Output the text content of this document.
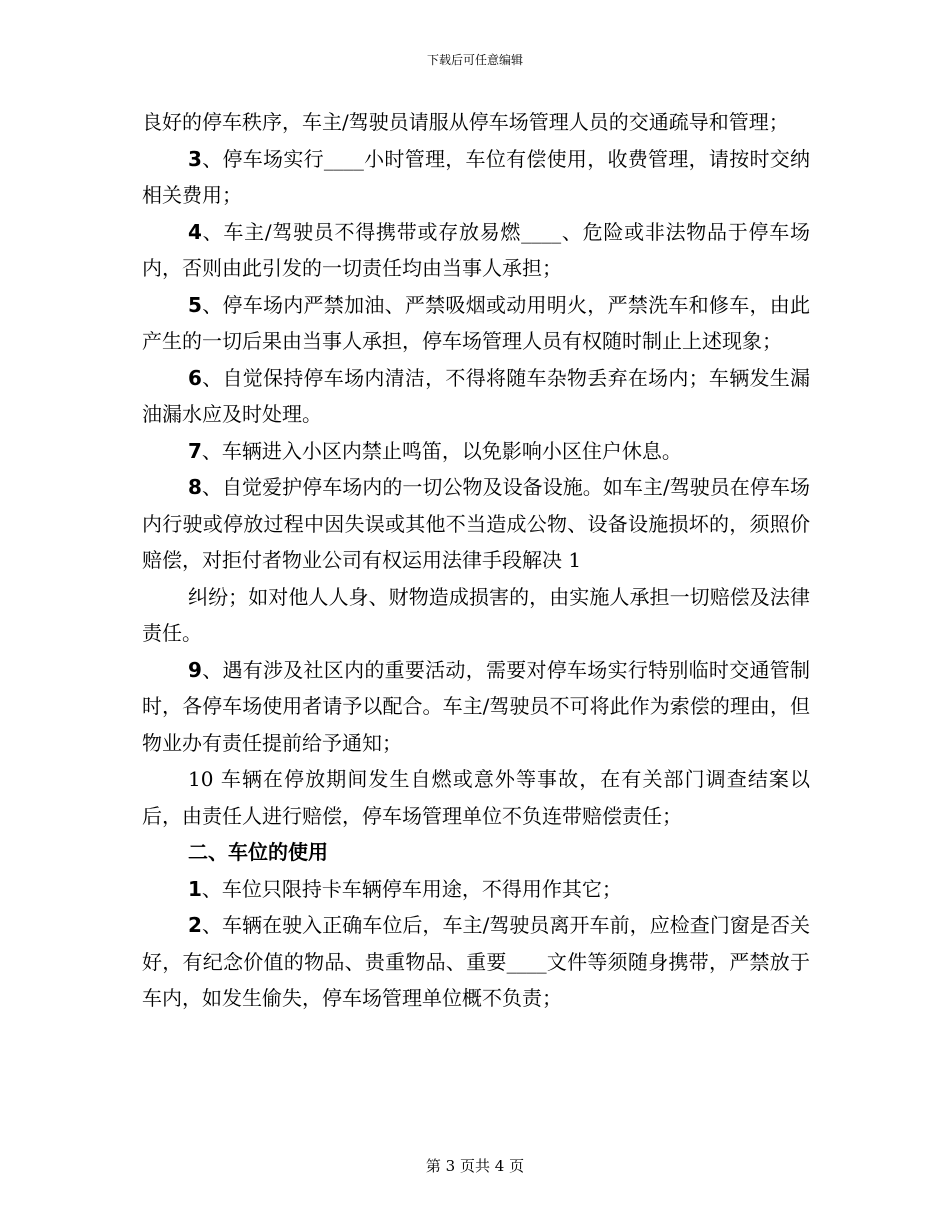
下载后可任意编辑

良好的停车秩序，车主/驾驶员请服从停车场管理人员的交通疏导和管理；

3、停车场实行____小时管理，车位有偿使用，收费管理，请按时交纳相关费用；

4、车主/驾驶员不得携带或存放易燃____、危险或非法物品于停车场内，否则由此引发的一切责任均由当事人承担；

5、停车场内严禁加油、严禁吸烟或动用明火，严禁洗车和修车，由此产生的一切后果由当事人承担，停车场管理人员有权随时制止上述现象；

6、自觉保持停车场内清洁，不得将随车杂物丢弃在场内；车辆发生漏油漏水应及时处理。

7、车辆进入小区内禁止鸣笛，以免影响小区住户休息。

8、自觉爱护停车场内的一切公物及设备设施。如车主/驾驶员在停车场内行驶或停放过程中因失误或其他不当造成公物、设备设施损坏的，须照价赔偿，对拒付者物业公司有权运用法律手段解决 1

纠纷；如对他人人身、财物造成损害的，由实施人承担一切赔偿及法律责任。

9、遇有涉及社区内的重要活动，需要对停车场实行特别临时交通管制时，各停车场使用者请予以配合。车主/驾驶员不可将此作为索偿的理由，但物业办有责任提前给予通知；

10 车辆在停放期间发生自燃或意外等事故，在有关部门调查结案以后，由责任人进行赔偿，停车场管理单位不负连带赔偿责任；

二、车位的使用

1、车位只限持卡车辆停车用途，不得用作其它；

2、车辆在驶入正确车位后，车主/驾驶员离开车前，应检查门窗是否关好，有纪念价值的物品、贵重物品、重要____文件等须随身携带，严禁放于车内，如发生偷失，停车场管理单位概不负责；

第 3 页共 4 页
